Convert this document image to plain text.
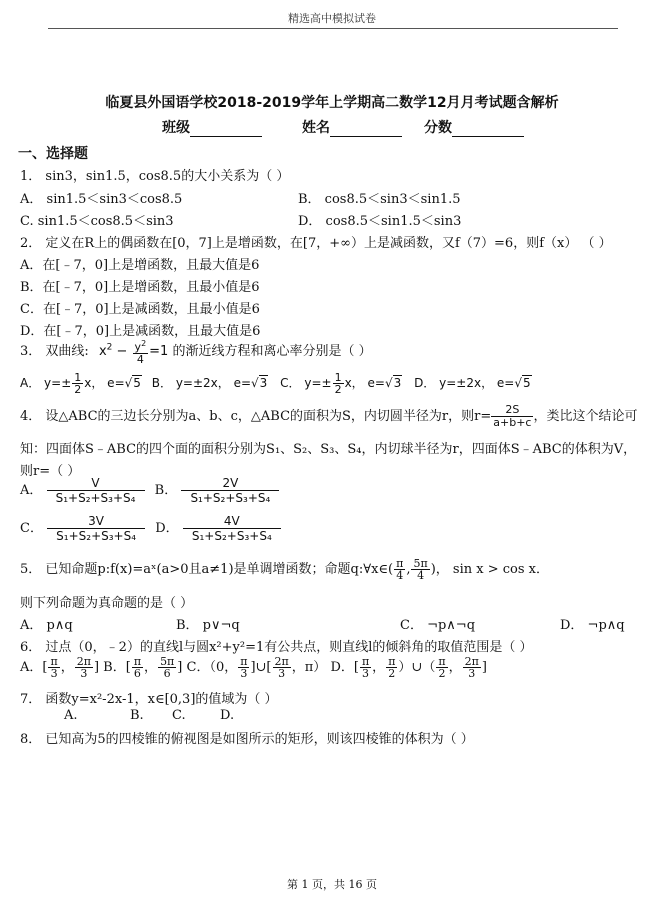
精选高中模拟试卷
临夏县外国语学校2018-2019学年上学期高二数学12月月考试题含解析
班级	姓名	分数
一、选择题
1． sin3，sin1.5，cos8.5的大小关系为（ ）
A． sin1.5＜sin3＜cos8.5	B． cos8.5＜sin3＜sin1.5
C. sin1.5＜cos8.5＜sin3	D． cos8.5＜sin1.5＜sin3
2． 定义在R上的偶函数在[0，7]上是增函数，在[7，+∞）上是减函数，又f（7）=6，则f（x） （ ）
A．在[﹣7，0]上是增函数，且最大值是6
B．在[﹣7，0]上是增函数，且最小值是6
C．在[﹣7，0]上是减函数，且最小值是6
D．在[﹣7，0]上是减函数，且最大值是6
3． 双曲线: $x^2 - \frac{y^2}{4} =1$ 的渐近线方程和离心率分别是（ ）
A． $y=\pm \frac{1}{2}$ x， e=√5 B． y=±2x， e=√3 C． $y=\pm \frac{1}{2}$ x， e=√3 D． y=±2x， e=√5
4． 设△ABC的三边长分别为a、b、c，△ABC的面积为S，内切圆半径为r，则$r= \frac{2S}{a+b+c}$ ，类比这个结论可
知：四面体S﹣ABC的四个面的面积分别为S₁、S₂、S₃、S₄，内切球半径为r，四面体S﹣ABC的体积为V，
则r=（ ）
A． $\frac{V}{\text{S₁+S₂+S₃+S₄}}$ B． $\frac{2V}{\text{S₁+S₂+S₃+S₄}}$
C． $\frac{3V}{\text{S₁+S₂+S₃+S₄}}$ D． $\frac{4V}{\text{S₁+S₂+S₃+S₄}}$
5． 已知命题p:f(x)=aˣ(a>0且a≠1)是单调增函数；命题q:∀x∈( $\frac{\pi}{4}$ , $\frac{5\pi}{4}$ )， sin x > cos x．
则下列命题为真命题的是（ ）
A． p∧q	B． p∨¬q	C． ¬p∧¬q	D． ¬p∧q
6． 过点（0，﹣2）的直线l与圆x²+y²=1有公共点，则直线l的倾斜角的取值范围是（ ）
A．[ $\frac{\pi}{3}$ ， $\frac{2\pi}{3}$ ] B．[ $\frac{\pi}{6}$ ， $\frac{5\pi}{6}$ ] C．（0， $\frac{\pi}{3}$ ]∪[ $\frac{2\pi}{3}$ ，π） D．[ $\frac{\pi}{3}$ ， $\frac{\pi}{2}$ ）∪（ $\frac{\pi}{2}$ ， $\frac{2\pi}{3}$ ]
7． 函数y=x²-2x-1，x∈[0,3]的值域为（ ）
A.	B. C.	D.
8． 已知高为5的四棱锥的俯视图是如图所示的矩形，则该四棱锥的体积为（ ）
第 1 页，共 16 页
